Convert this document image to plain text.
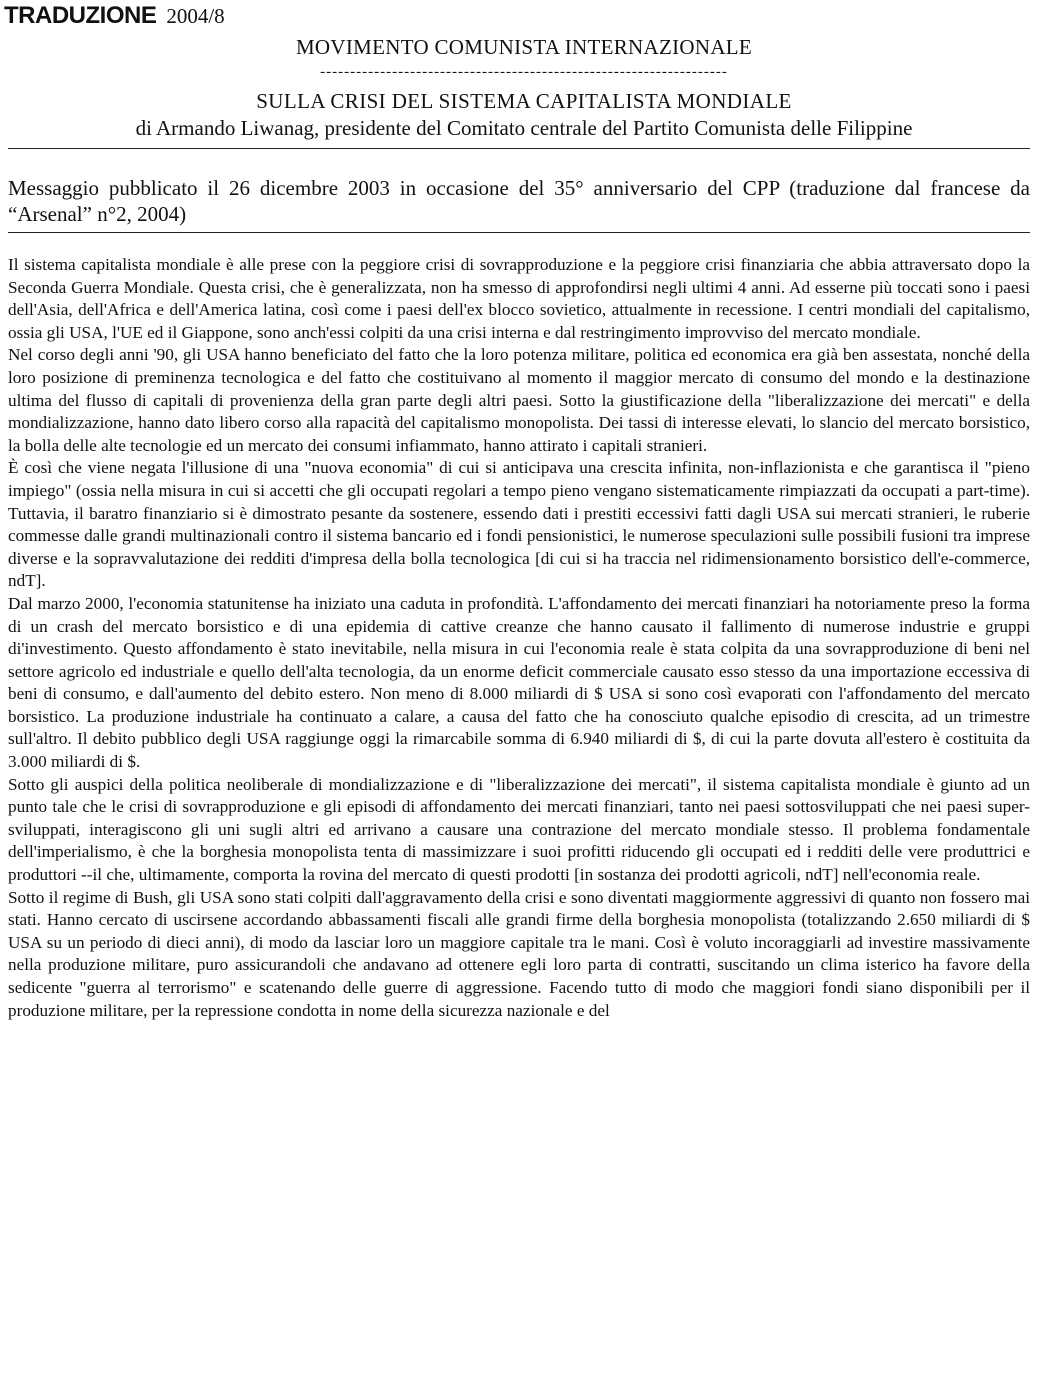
TRADUZIONE 2004/8
MOVIMENTO COMUNISTA INTERNAZIONALE
--------------------------------------------------------------------
SULLA CRISI DEL SISTEMA CAPITALISTA MONDIALE
di Armando Liwanag, presidente del Comitato centrale del Partito Comunista delle Filippine
Messaggio pubblicato il 26 dicembre 2003 in occasione del 35° anniversario del CPP (traduzione dal francese da “Arsenal” n°2, 2004)

Il sistema capitalista mondiale è alle prese con la peggiore crisi di sovrapproduzione e la peggiore crisi finanziaria che abbia attraversato dopo la Seconda Guerra Mondiale. Questa crisi, che è generalizzata, non ha smesso di approfondirsi negli ultimi 4 anni. Ad esserne più toccati sono i paesi dell'Asia, dell'Africa e dell'America latina, così come i paesi dell'ex blocco sovietico, attualmente in recessione. I centri mondiali del capitalismo, ossia gli USA, l'UE ed il Giappone, sono anch'essi colpiti da una crisi interna e dal restringimento improvviso del mercato mondiale.

Nel corso degli anni '90, gli USA hanno beneficiato del fatto che la loro potenza militare, politica ed economica era già ben assestata, nonché della loro posizione di preminenza tecnologica e del fatto che costituivano al momento il maggior mercato di consumo del mondo e la destinazione ultima del flusso di capitali di provenienza della gran parte degli altri paesi. Sotto la giustificazione della "liberalizzazione dei mercati" e della mondializzazione, hanno dato libero corso alla rapacità del capitalismo monopolista. Dei tassi di interesse elevati, lo slancio del mercato borsistico, la bolla delle alte tecnologie ed un mercato dei consumi infiammato, hanno attirato i capitali stranieri.

È così che viene negata l'illusione di una "nuova economia" di cui si anticipava una crescita infinita, non-inflazionista e che garantisca il "pieno impiego" (ossia nella misura in cui si accetti che gli occupati regolari a tempo pieno vengano sistematicamente rimpiazzati da occupati a part-time). Tuttavia, il baratro finanziario si è dimostrato pesante da sostenere, essendo dati i prestiti eccessivi fatti dagli USA sui mercati stranieri, le ruberie commesse dalle grandi multinazionali contro il sistema bancario ed i fondi pensionistici, le numerose speculazioni sulle possibili fusioni tra imprese diverse e la sopravvalutazione dei redditi d'impresa della bolla tecnologica [di cui si ha traccia nel ridimensionamento borsistico dell'e-commerce, ndT].

Dal marzo 2000, l'economia statunitense ha iniziato una caduta in profondità. L'affondamento dei mercati finanziari ha notoriamente preso la forma di un crash del mercato borsistico e di una epidemia di cattive creanze che hanno causato il fallimento di numerose industrie e gruppi di'investimento. Questo affondamento è stato inevitabile, nella misura in cui l'economia reale è stata colpita da una sovrapproduzione di beni nel settore agricolo ed industriale e quello dell'alta tecnologia, da un enorme deficit commerciale causato esso stesso da una importazione eccessiva di beni di consumo, e dall'aumento del debito estero. Non meno di 8.000 miliardi di $ USA si sono così evaporati con l'affondamento del mercato borsistico. La produzione industriale ha continuato a calare, a causa del fatto che ha conosciuto qualche episodio di crescita, ad un trimestre sull'altro. Il debito pubblico degli USA raggiunge oggi la rimarcabile somma di 6.940 miliardi di $, di cui la parte dovuta all'estero è costituita da 3.000 miliardi di $.

Sotto gli auspici della politica neoliberale di mondializzazione e di "liberalizzazione dei mercati", il sistema capitalista mondiale è giunto ad un punto tale che le crisi di sovrapproduzione e gli episodi di affondamento dei mercati finanziari, tanto nei paesi sottosviluppati che nei paesi super-sviluppati, interagiscono gli uni sugli altri ed arrivano a causare una contrazione del mercato mondiale stesso. Il problema fondamentale dell'imperialismo, è che la borghesia monopolista tenta di massimizzare i suoi profitti riducendo gli occupati ed i redditi delle vere produttrici e produttori --il che, ultimamente, comporta la rovina del mercato di questi prodotti [in sostanza dei prodotti agricoli, ndT] nell'economia reale.

Sotto il regime di Bush, gli USA sono stati colpiti dall'aggravamento della crisi e sono diventati maggiormente aggressivi di quanto non fossero mai stati. Hanno cercato di uscirsene accordando abbassamenti fiscali alle grandi firme della borghesia monopolista (totalizzando 2.650 miliardi di $ USA su un periodo di dieci anni), di modo da lasciar loro un maggiore capitale tra le mani. Così è voluto incoraggiarli ad investire massivamente nella produzione militare, puro assicurandoli che andavano ad ottenere egli loro parta di contratti, suscitando un clima isterico ha favore della sedicente "guerra al terrorismo" e scatenando delle guerre di aggressione. Facendo tutto di modo che maggiori fondi siano disponibili per il produzione militare, per la repressione condotta in nome della sicurezza nazionale e del
